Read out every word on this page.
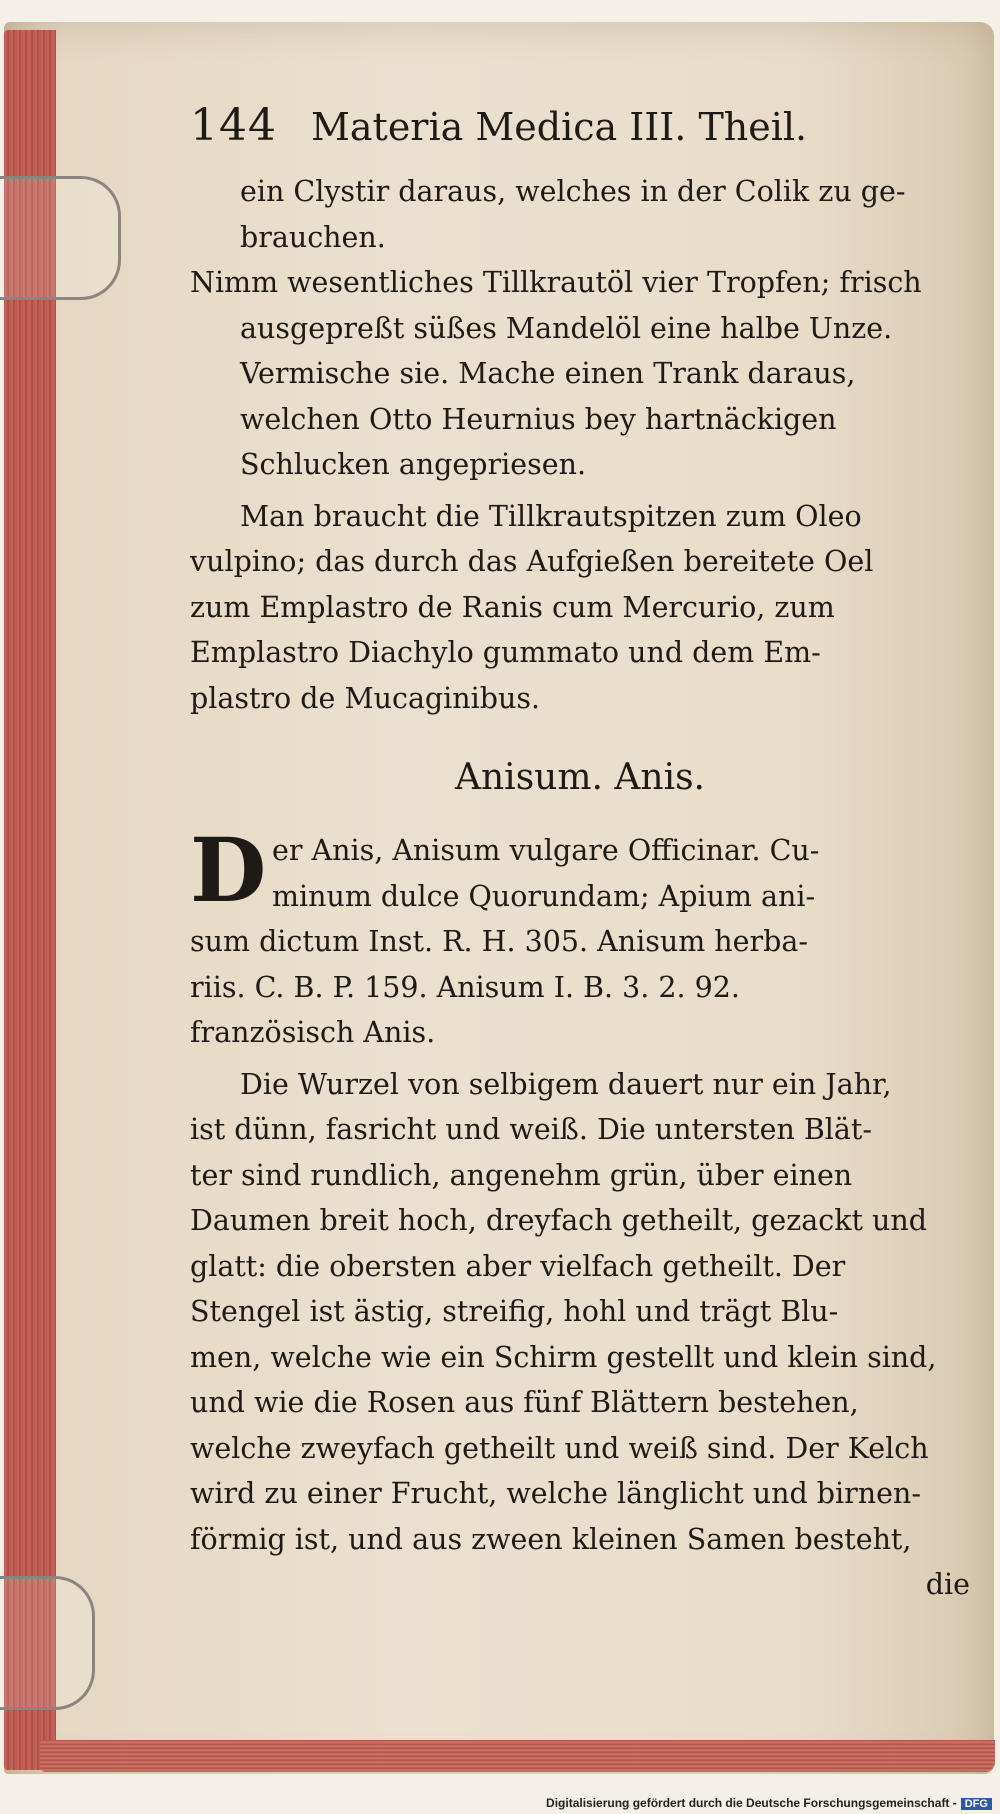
144 Materia Medica III. Theil.
ein Clystir daraus, welches in der Colik zu ge-
brauchen.
Nimm wesentliches Tillkrautöl vier Tropfen; frisch
ausgepreßt süßes Mandelöl eine halbe Unze.
Vermische sie. Mache einen Trank daraus,
welchen Otto Heurnius bey hartnäckigen
Schlucken angepriesen.
Man braucht die Tillkrautspitzen zum Oleo
vulpino; das durch das Aufgießen bereitete Oel
zum Emplastro de Ranis cum Mercurio, zum
Emplastro Diachylo gummato und dem Em-
plastro de Mucaginibus.
Anisum. Anis.
D er Anis, Anisum vulgare Officinar. Cu-
minum dulce Quorundam; Apium ani-
sum dictum Inst. R. H. 305. Anisum herba-
riis. C. B. P. 159. Anisum I. B. 3. 2. 92.
französisch Anis.
Die Wurzel von selbigem dauert nur ein Jahr,
ist dünn, fasricht und weiß. Die untersten Blät-
ter sind rundlich, angenehm grün, über einen
Daumen breit hoch, dreyfach getheilt, gezackt und
glatt: die obersten aber vielfach getheilt. Der
Stengel ist ästig, streifig, hohl und trägt Blu-
men, welche wie ein Schirm gestellt und klein sind,
und wie die Rosen aus fünf Blättern bestehen,
welche zweyfach getheilt und weiß sind. Der Kelch
wird zu einer Frucht, welche länglicht und birnen-
förmig ist, und aus zween kleinen Samen besteht,
die
Digitalisierung gefördert durch die Deutsche Forschungsgemeinschaft - DFG
